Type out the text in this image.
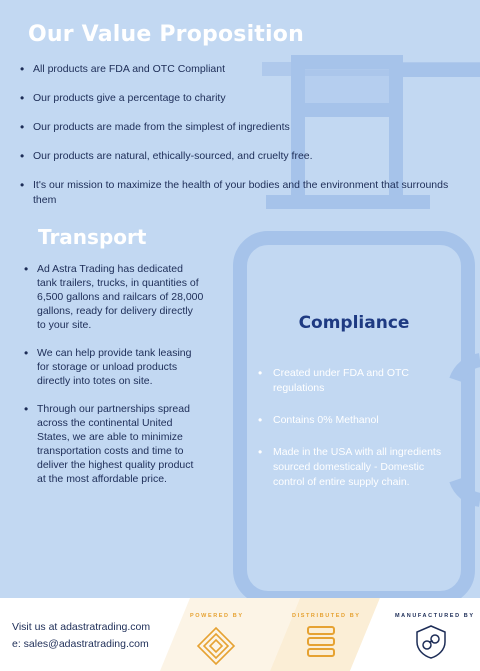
Our Value Proposition
• All products are FDA and OTC Compliant
• Our products give a percentage to charity
• Our products are made from the simplest of ingredients
• Our products are natural, ethically-sourced, and cruelty free.
• It's our mission to maximize the health of your bodies and the environment that surrounds them
Transport
• Ad Astra Trading has dedicated tank trailers, trucks, in quantities of 6,500 gallons and railcars of 28,000 gallons, ready for delivery directly to your site.
• We can help provide tank leasing for storage or unload products directly into totes on site.
• Through our partnerships spread across the continental United States, we are able to minimize transportation costs and time to deliver the highest quality product at the most affordable price.
Compliance
• Created under FDA and OTC regulations
• Contains 0% Methanol
• Made in the USA with all ingredients sourced domestically - Domestic control of entire supply chain.
Visit us at adastratrading.com
e: sales@adastratrading.com
POWERED BY	DISTRIBUTED BY	MANUFACTURED BY
